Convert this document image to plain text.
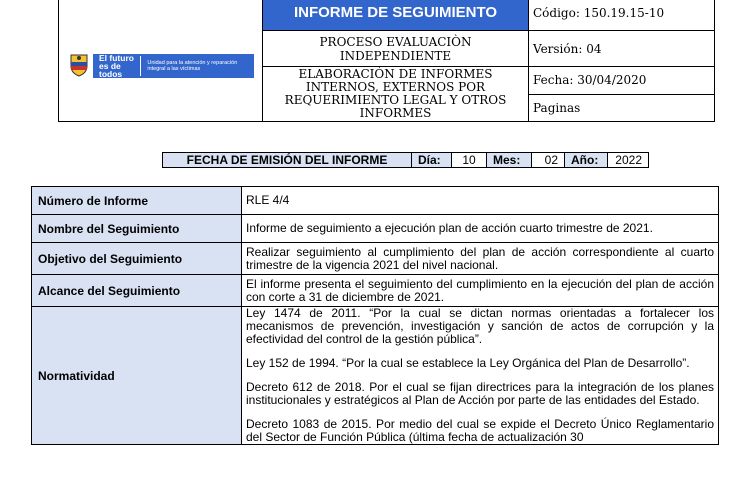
El futuro es de todos
Unidad para la atención y reparación integral a las víctimas	INFORME DE SEGUIMIENTO	Código: 150.19.15-10
	PROCESO EVALUACIÒN INDEPENDIENTE	Versión: 04
	ELABORACIÓN DE INFORMES INTERNOS, EXTERNOS POR REQUERIMIENTO LEGAL Y OTROS INFORMES	Fecha: 30/04/2020
		Paginas
FECHA DE EMISIÓN DEL INFORME	Día:	10	Mes:	02	Año:	2022
Número de Informe	RLE 4/4
Nombre del Seguimiento	Informe de seguimiento a ejecución plan de acción cuarto trimestre de 2021.
Objetivo del Seguimiento	Realizar seguimiento al cumplimiento del plan de acción correspondiente al cuarto trimestre de la vigencia 2021 del nivel nacional.
Alcance del Seguimiento	El informe presenta el seguimiento del cumplimiento en la ejecución del plan de acción con corte a 31 de diciembre de 2021.
Normatividad	Ley 1474 de 2011. “Por la cual se dictan normas orientadas a fortalecer los mecanismos de prevención, investigación y sanción de actos de corrupción y la efectividad del control de la gestión pública”.

Ley 152 de 1994. “Por la cual se establece la Ley Orgánica del Plan de Desarrollo”.

Decreto 612 de 2018. Por el cual se fijan directrices para la integración de los planes institucionales y estratégicos al Plan de Acción por parte de las entidades del Estado.

Decreto 1083 de 2015. Por medio del cual se expide el Decreto Único Reglamentario del Sector de Función Pública (última fecha de actualización 30
